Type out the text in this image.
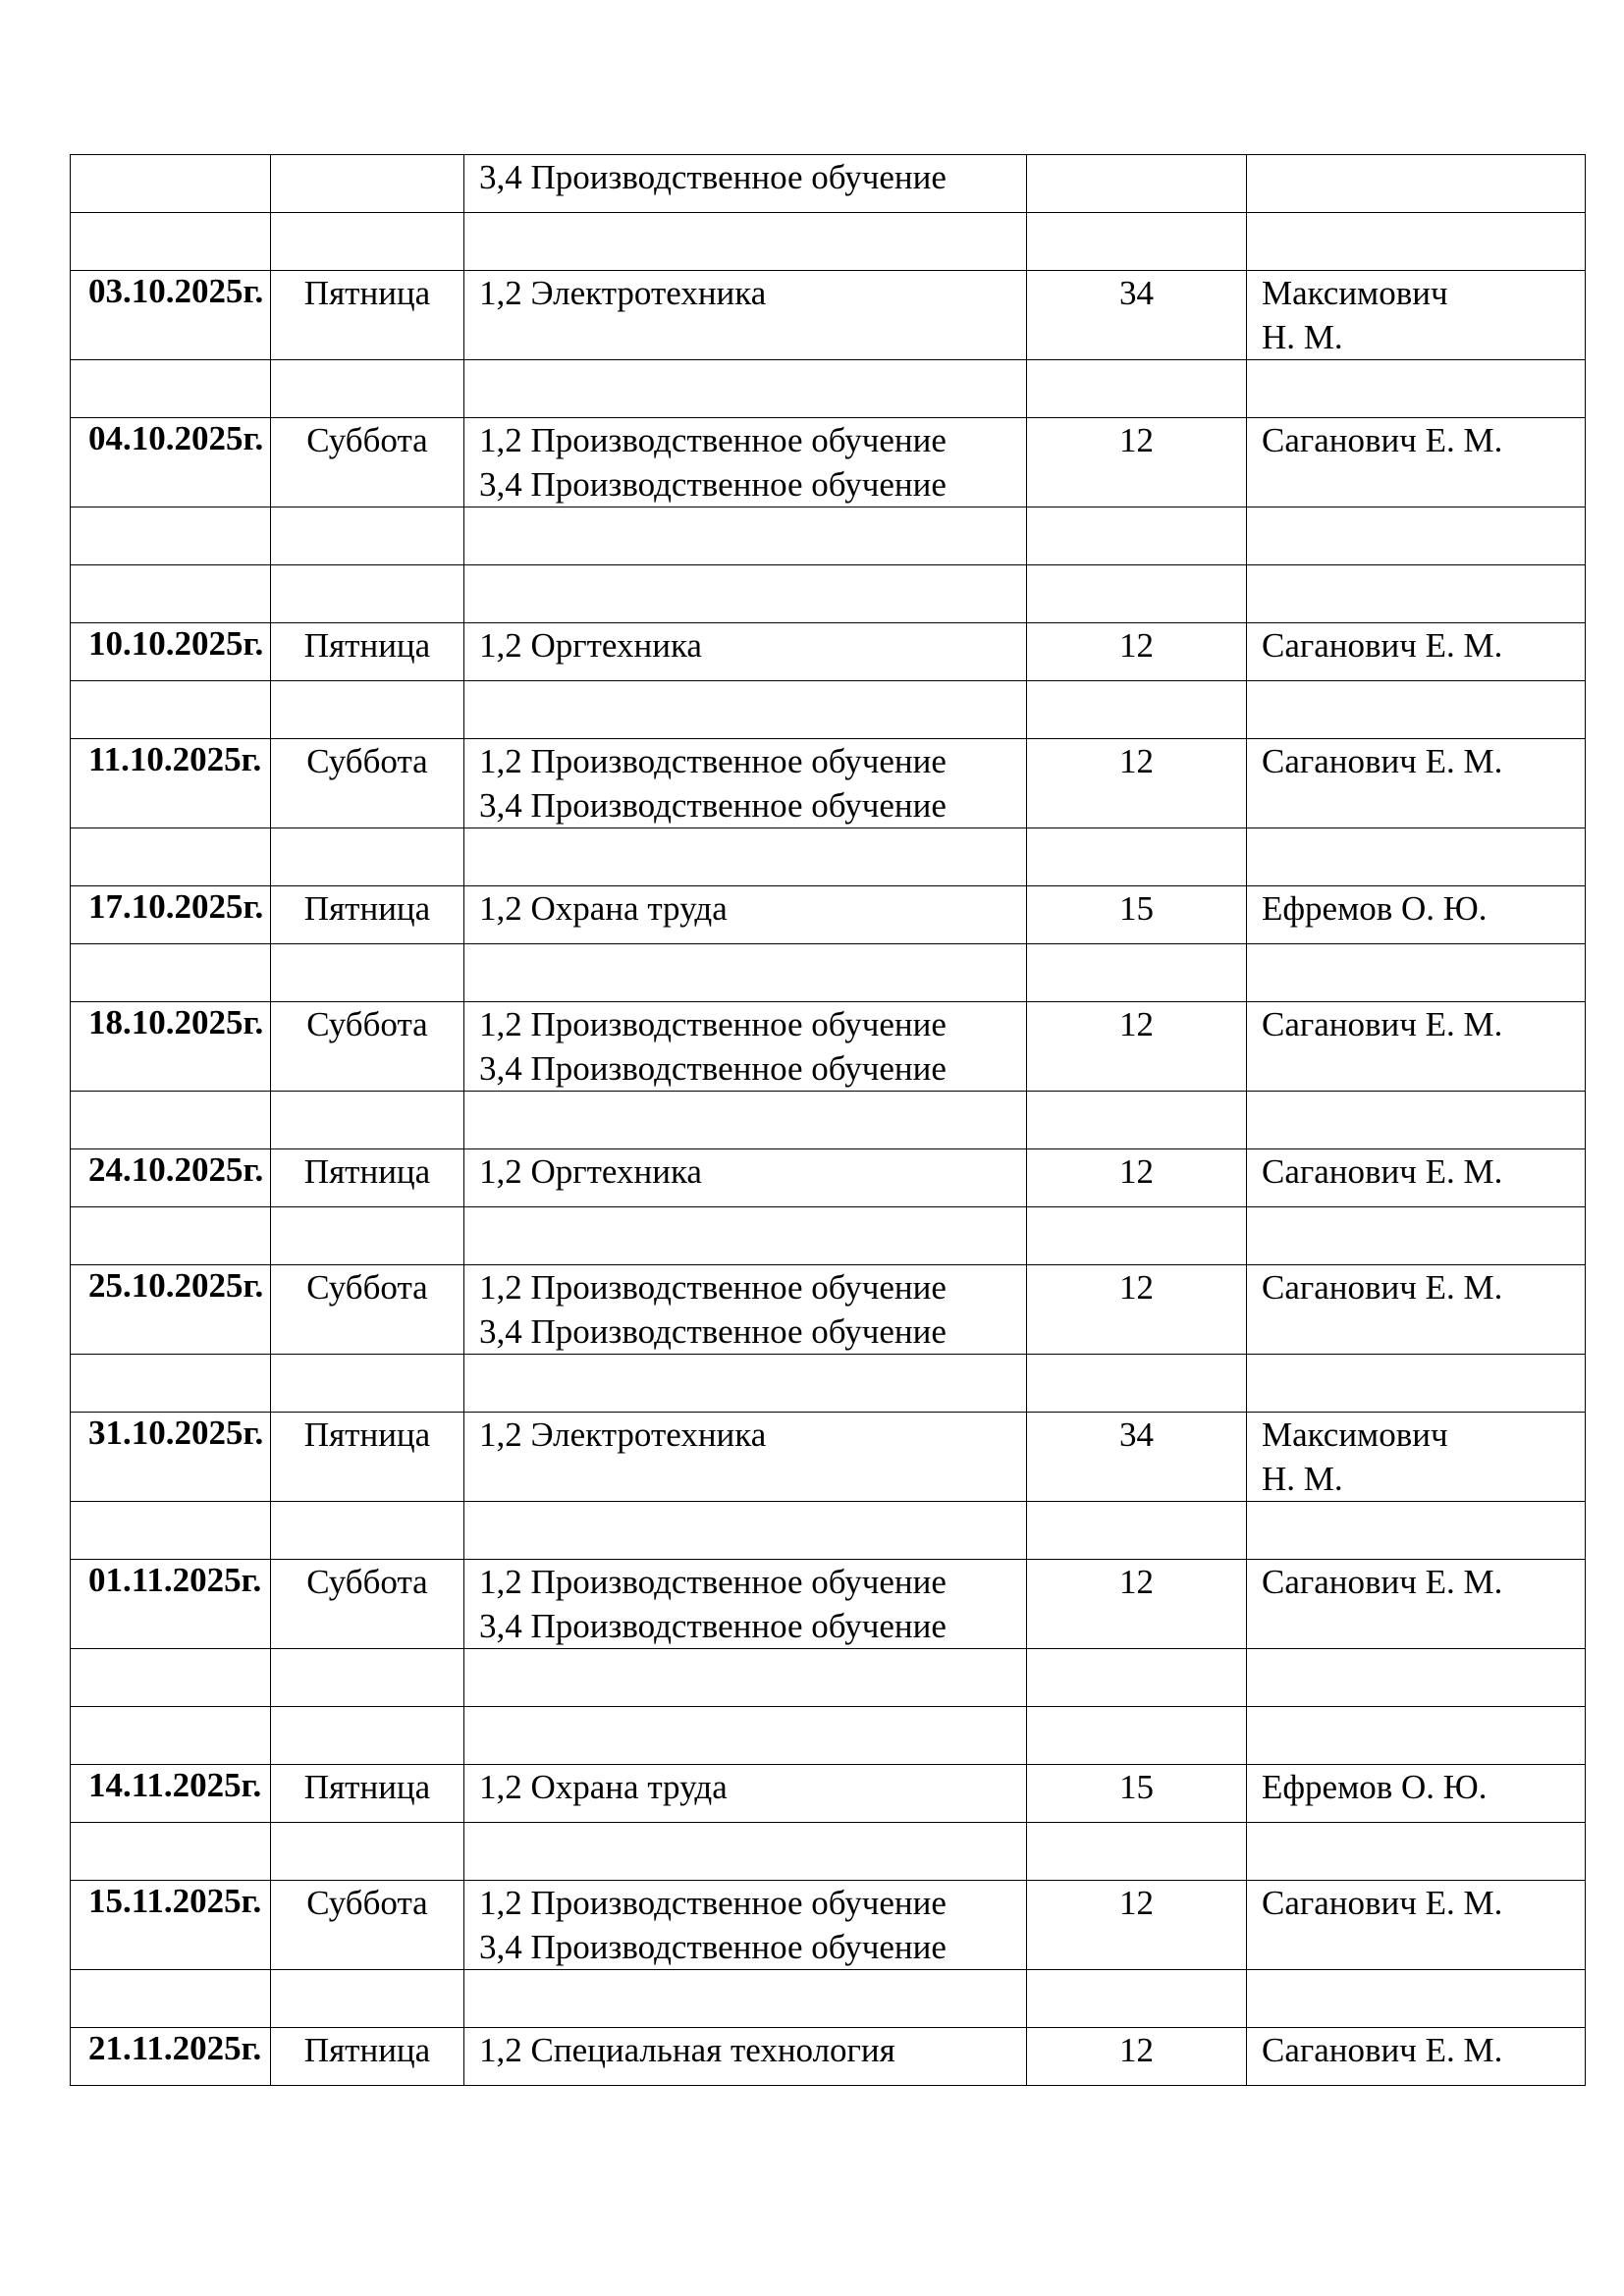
		3,4 Производственное обучение		

03.10.2025г.	Пятница	1,2 Электротехника	34	Максимович
Н. М.

04.10.2025г.	Суббота	1,2 Производственное обучение
3,4 Производственное обучение	12	Саганович Е. М.

10.10.2025г.	Пятница	1,2 Оргтехника	12	Саганович Е. М.

11.10.2025г.	Суббота	1,2 Производственное обучение
3,4 Производственное обучение	12	Саганович Е. М.

17.10.2025г.	Пятница	1,2 Охрана труда	15	Ефремов О. Ю.

18.10.2025г.	Суббота	1,2 Производственное обучение
3,4 Производственное обучение	12	Саганович Е. М.

24.10.2025г.	Пятница	1,2 Оргтехника	12	Саганович Е. М.

25.10.2025г.	Суббота	1,2 Производственное обучение
3,4 Производственное обучение	12	Саганович Е. М.

31.10.2025г.	Пятница	1,2 Электротехника	34	Максимович
Н. М.

01.11.2025г.	Суббота	1,2 Производственное обучение
3,4 Производственное обучение	12	Саганович Е. М.

14.11.2025г.	Пятница	1,2 Охрана труда	15	Ефремов О. Ю.

15.11.2025г.	Суббота	1,2 Производственное обучение
3,4 Производственное обучение	12	Саганович Е. М.

21.11.2025г.	Пятница	1,2 Специальная технология	12	Саганович Е. М.
